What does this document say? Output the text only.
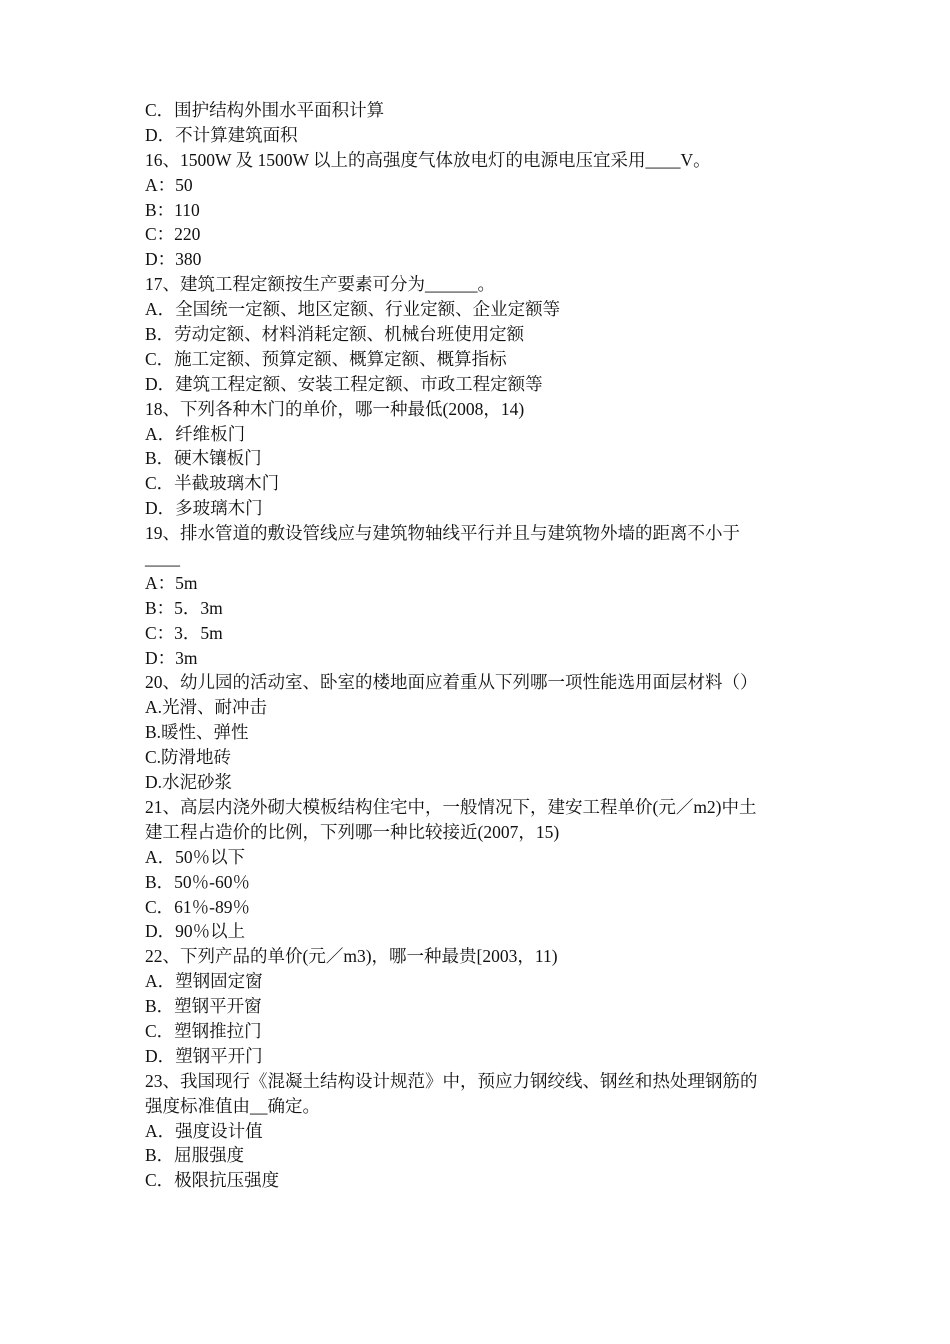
C．围护结构外围水平面积计算
D．不计算建筑面积
16、1500W 及 1500W 以上的高强度气体放电灯的电源电压宜采用____V。
A：50
B：110
C：220
D：380
17、建筑工程定额按生产要素可分为______。
A．全国统一定额、地区定额、行业定额、企业定额等
B．劳动定额、材料消耗定额、机械台班使用定额
C．施工定额、预算定额、概算定额、概算指标
D．建筑工程定额、安装工程定额、市政工程定额等
18、下列各种木门的单价，哪一种最低(2008，14)
A．纤维板门
B．硬木镶板门
C．半截玻璃木门
D．多玻璃木门
19、排水管道的敷设管线应与建筑物轴线平行并且与建筑物外墙的距离不小于
____
A：5m
B：5．3m
C：3．5m
D：3m
20、幼儿园的活动室、卧室的楼地面应着重从下列哪一项性能选用面层材料（）
A.光滑、耐冲击
B.暖性、弹性
C.防滑地砖
D.水泥砂浆
21、高层内浇外砌大模板结构住宅中，一般情况下，建安工程单价(元／m2)中土
建工程占造价的比例，下列哪一种比较接近(2007，15)
A．50％以下
B．50％-60％
C．61％-89％
D．90％以上
22、下列产品的单价(元／m3)，哪一种最贵[2003，11)
A．塑钢固定窗
B．塑钢平开窗
C．塑钢推拉门
D．塑钢平开门
23、我国现行《混凝土结构设计规范》中，预应力钢绞线、钢丝和热处理钢筋的
强度标准值由__确定。
A．强度设计值
B．屈服强度
C．极限抗压强度
